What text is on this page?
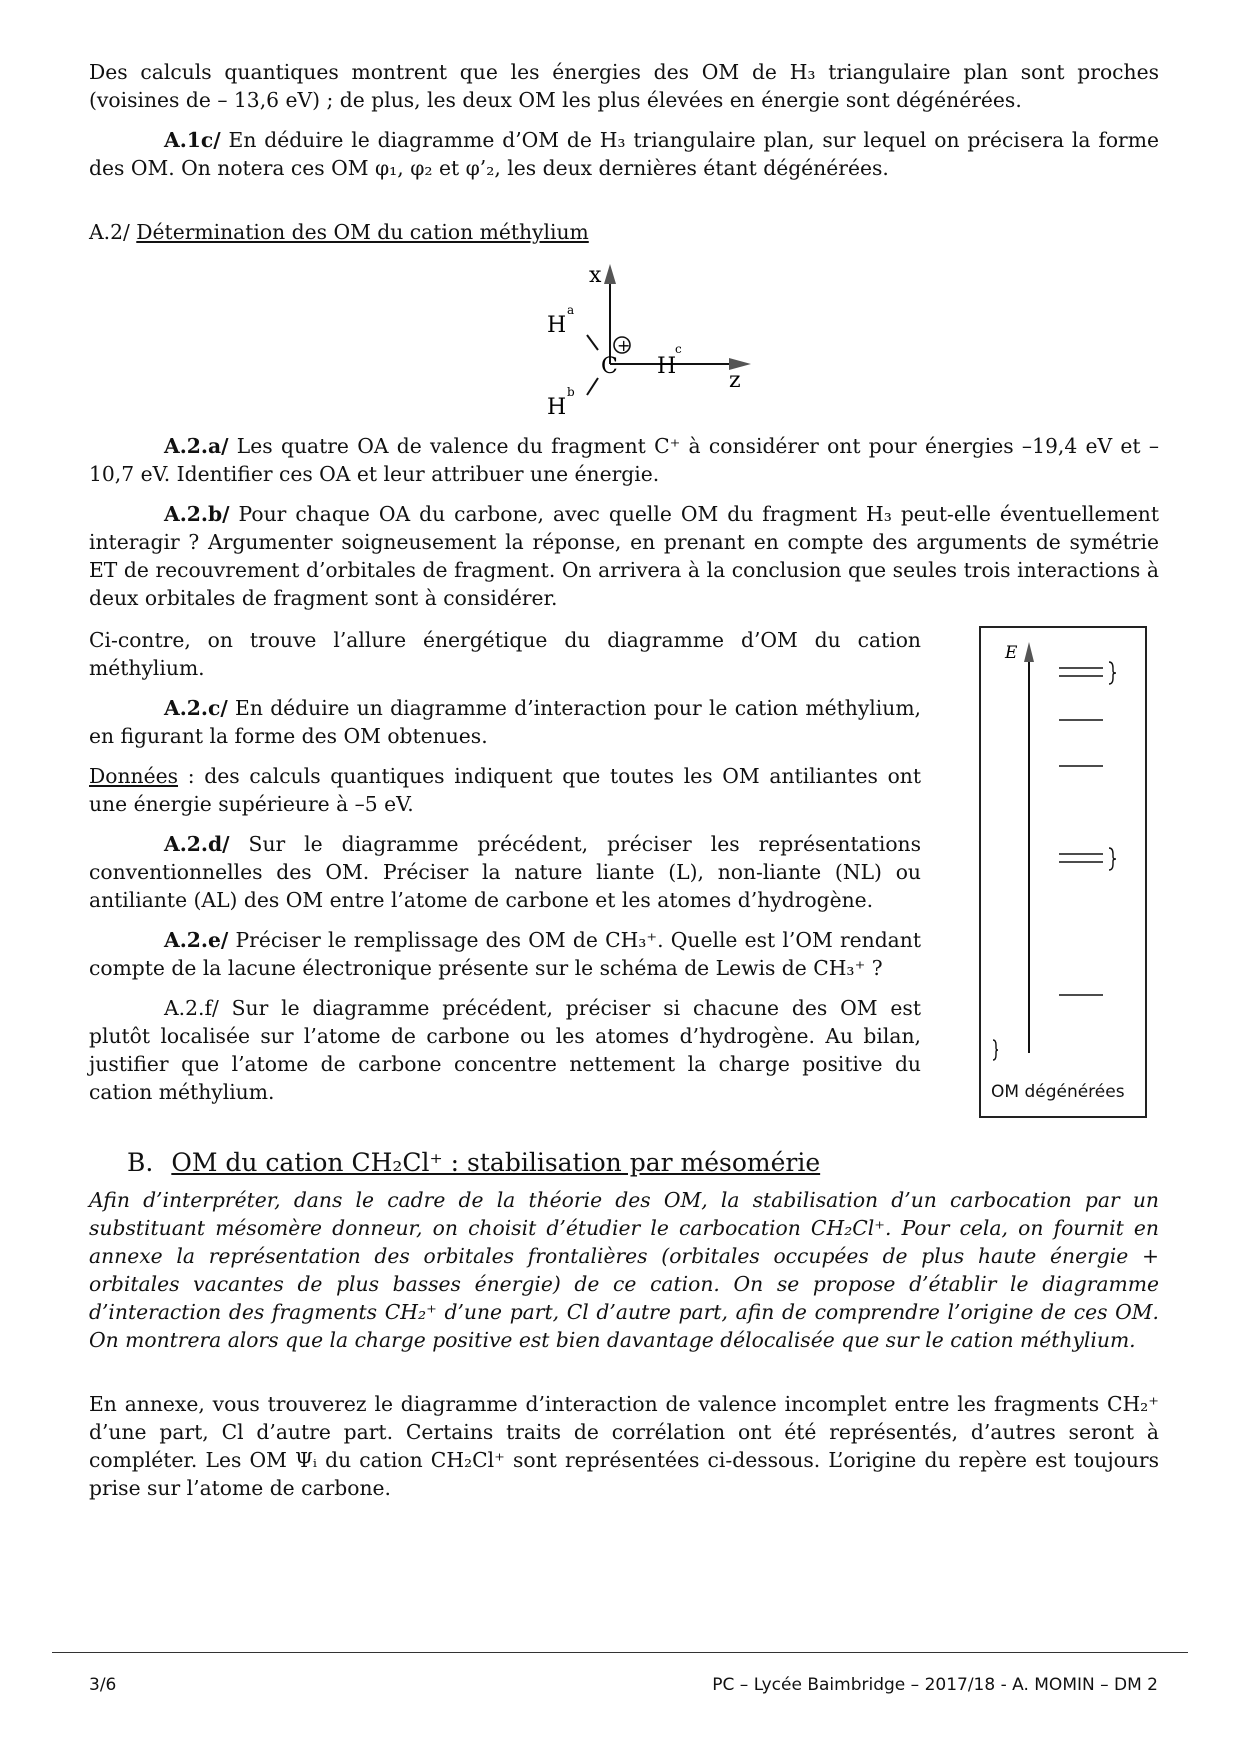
Des calculs quantiques montrent que les énergies des OM de H₃ triangulaire plan sont proches (voisines de – 13,6 eV) ; de plus, les deux OM les plus élevées en énergie sont dégénérées.

A.1c/ En déduire le diagramme d’OM de H₃ triangulaire plan, sur lequel on précisera la forme des OM. On notera ces OM φ₁, φ₂ et φ’₂, les deux dernières étant dégénérées.

A.2/ Détermination des OM du cation méthylium

x
z
C
+
H
c
H
a
H
b

A.2.a/ Les quatre OA de valence du fragment C⁺ à considérer ont pour énergies –19,4 eV et –10,7 eV. Identifier ces OA et leur attribuer une énergie.

A.2.b/ Pour chaque OA du carbone, avec quelle OM du fragment H₃ peut-elle éventuellement interagir ? Argumenter soigneusement la réponse, en prenant en compte des arguments de symétrie ET de recouvrement d’orbitales de fragment. On arrivera à la conclusion que seules trois interactions à deux orbitales de fragment sont à considérer.

Ci-contre, on trouve l’allure énergétique du diagramme d’OM du cation méthylium.

A.2.c/ En déduire un diagramme d’interaction pour le cation méthylium, en figurant la forme des OM obtenues.

Données : des calculs quantiques indiquent que toutes les OM antiliantes ont une énergie supérieure à –5 eV.

A.2.d/ Sur le diagramme précédent, préciser les représentations conventionnelles des OM. Préciser la nature liante (L), non-liante (NL) ou antiliante (AL) des OM entre l’atome de carbone et les atomes d’hydrogène.

A.2.e/ Préciser le remplissage des OM de CH₃⁺. Quelle est l’OM rendant compte de la lacune électronique présente sur le schéma de Lewis de CH₃⁺ ?

A.2.f/ Sur le diagramme précédent, préciser si chacune des OM est plutôt localisée sur l’atome de carbone ou les atomes d’hydrogène. Au bilan, justifier que l’atome de carbone concentre nettement la charge positive du cation méthylium.

E
OM dégénérées
B. OM du cation CH₂Cl⁺ : stabilisation par mésomérie

Afin d’interpréter, dans le cadre de la théorie des OM, la stabilisation d’un carbocation par un substituant mésomère donneur, on choisit d’étudier le carbocation CH₂Cl⁺. Pour cela, on fournit en annexe la représentation des orbitales frontalières (orbitales occupées de plus haute énergie + orbitales vacantes de plus basses énergie) de ce cation. On se propose d’établir le diagramme d’interaction des fragments CH₂⁺ d’une part, Cl d’autre part, afin de comprendre l’origine de ces OM. On montrera alors que la charge positive est bien davantage délocalisée que sur le cation méthylium.

En annexe, vous trouverez le diagramme d’interaction de valence incomplet entre les fragments CH₂⁺ d’une part, Cl d’autre part. Certains traits de corrélation ont été représentés, d’autres seront à compléter. Les OM Ψᵢ du cation CH₂Cl⁺ sont représentées ci-dessous. L’origine du repère est toujours prise sur l’atome de carbone.

3/6	PC – Lycée Baimbridge – 2017/18 - A. MOMIN – DM 2
